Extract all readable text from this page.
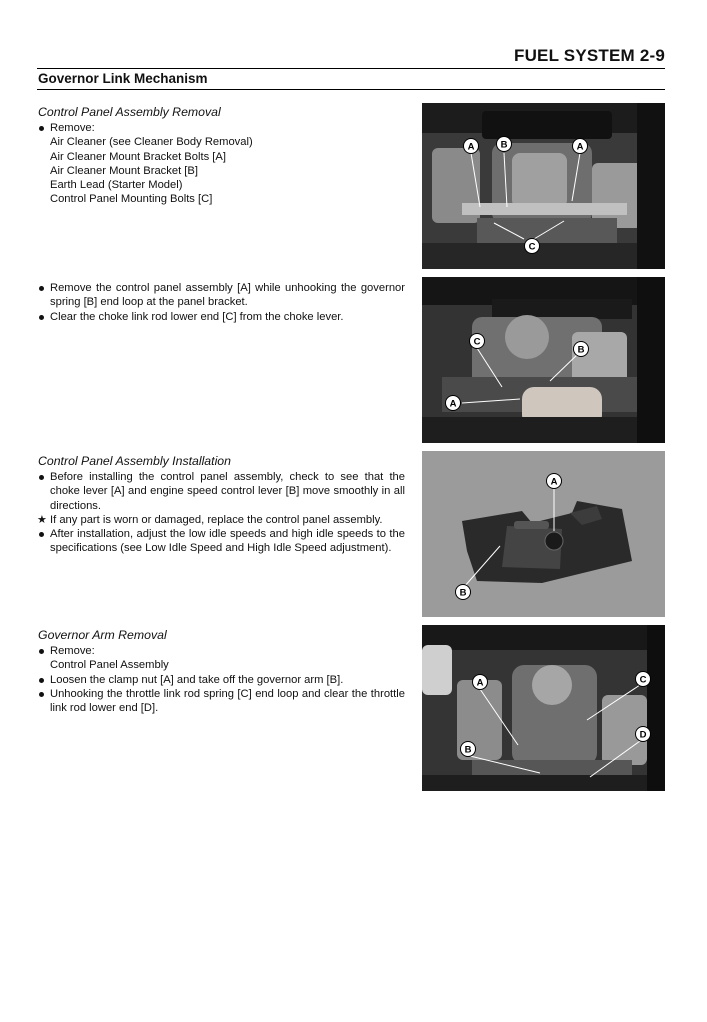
FUEL SYSTEM 2-9
Governor Link Mechanism
Control Panel Assembly Removal
Remove:
Air Cleaner (see Cleaner Body Removal)
Air Cleaner Mount Bracket Bolts [A]
Air Cleaner Mount Bracket [B]
Earth Lead (Starter Model)
Control Panel Mounting Bolts [C]
Remove the control panel assembly [A] while unhooking the governor spring [B] end loop at the panel bracket.
Clear the choke link rod lower end [C] from the choke lever.
Control Panel Assembly Installation
Before installing the control panel assembly, check to see that the choke lever [A] and engine speed control lever [B] move smoothly in all directions.
★ If any part is worn or damaged, replace the control panel assembly.
After installation, adjust the low idle speeds and high idle speeds to the specifications (see Low Idle Speed and High Idle Speed adjustment).
Governor Arm Removal
Remove:
Control Panel Assembly
Loosen the clamp nut [A] and take off the governor arm [B].
Unhooking the throttle link rod spring [C] end loop and clear the throttle link rod lower end [D].
A	B	A
C
C
B
A
A
B
A	C
D
B
